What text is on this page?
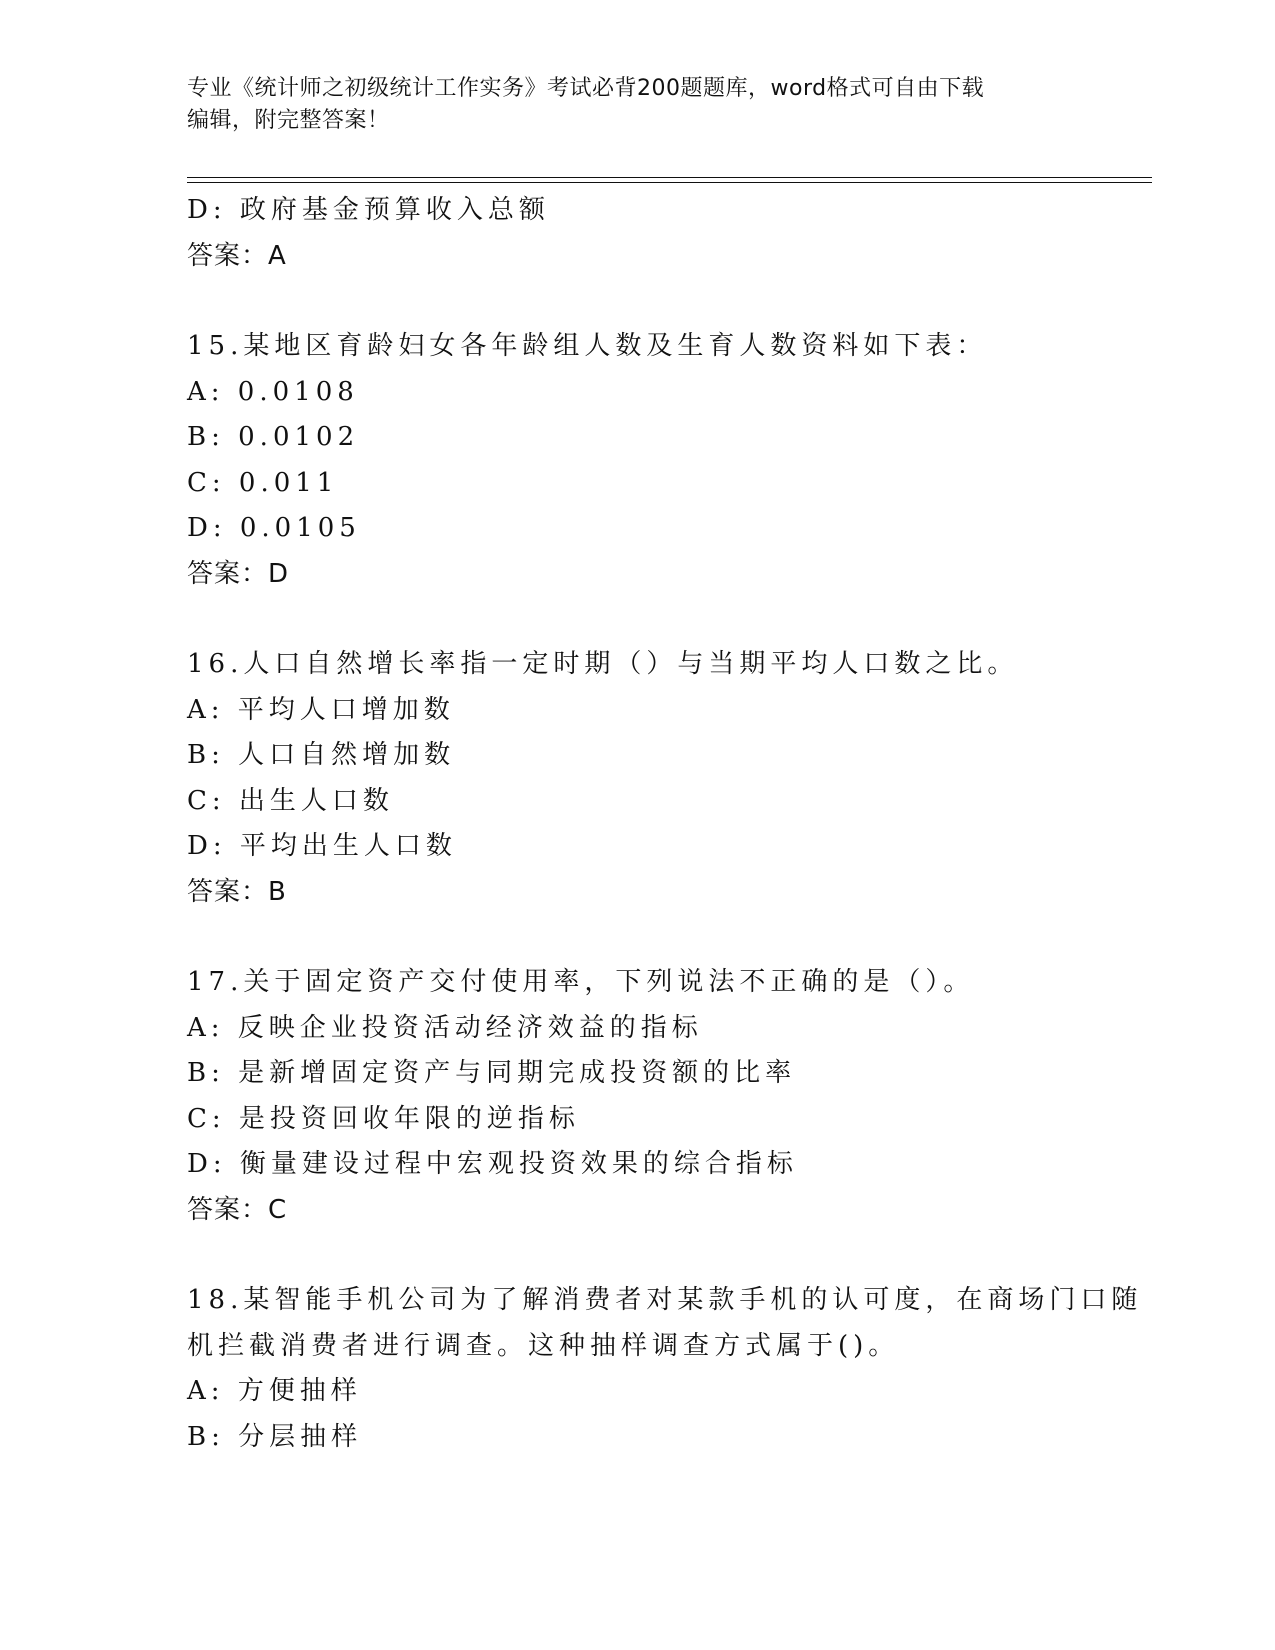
专业《统计师之初级统计工作实务》考试必背200题题库，word格式可自由下载
编辑，附完整答案！
D: 政府基金预算收入总额
答案：A
15.某地区育龄妇女各年龄组人数及生育人数资料如下表：
A: 0.0108
B: 0.0102
C: 0.011
D: 0.0105
答案：D
16.人口自然增长率指一定时期（）与当期平均人口数之比。
A: 平均人口增加数
B: 人口自然增加数
C: 出生人口数
D: 平均出生人口数
答案：B
17.关于固定资产交付使用率，下列说法不正确的是（）。
A: 反映企业投资活动经济效益的指标
B: 是新增固定资产与同期完成投资额的比率
C: 是投资回收年限的逆指标
D: 衡量建设过程中宏观投资效果的综合指标
答案：C
18.某智能手机公司为了解消费者对某款手机的认可度，在商场门口随
机拦截消费者进行调查。这种抽样调查方式属于()。
A: 方便抽样
B: 分层抽样
